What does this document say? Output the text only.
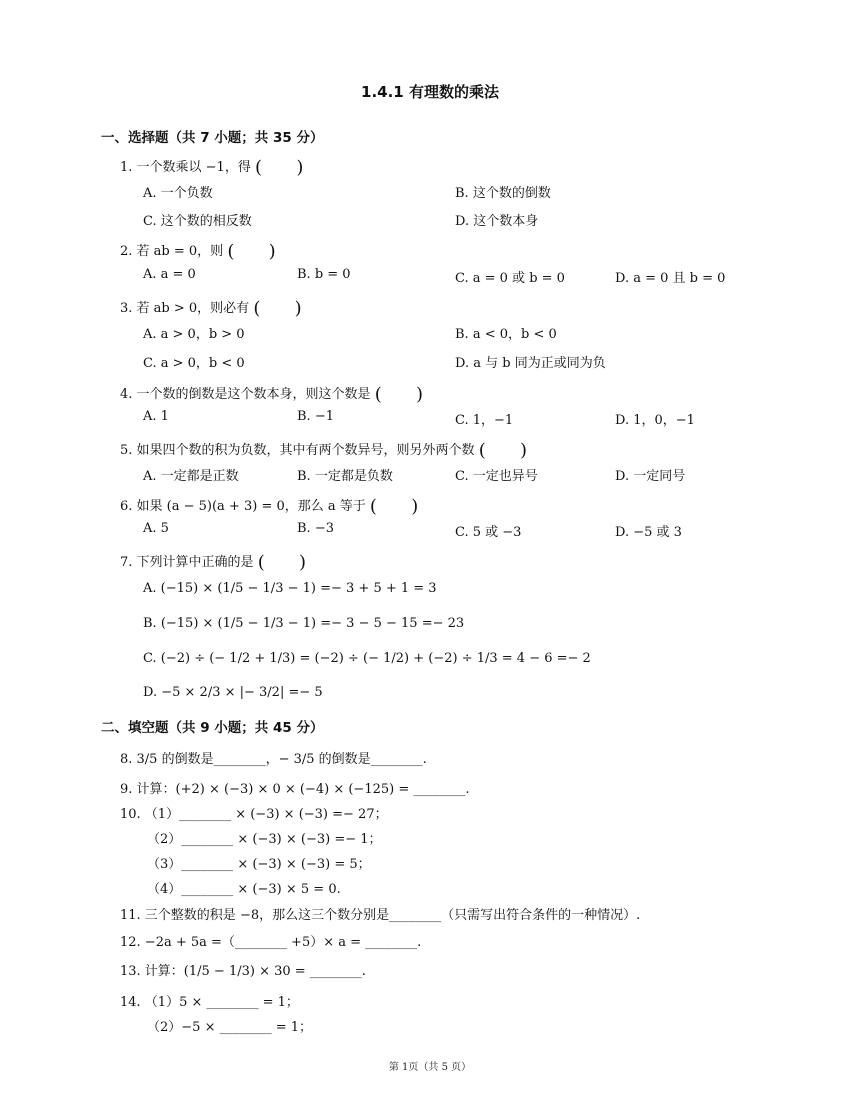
1.4.1 有理数的乘法
一、选择题（共 7 小题；共 35 分）
1. 一个数乘以 −1，得 (      )
A. 一个负数	B. 这个数的倒数
C. 这个数的相反数	D. 这个数本身
2. 若 ab = 0，则 (      )
A. a = 0	B. b = 0	C. a = 0 或 b = 0	D. a = 0 且 b = 0
3. 若 ab > 0，则必有 (      )
A. a > 0，b > 0	B. a < 0，b < 0
C. a > 0，b < 0	D. a 与 b 同为正或同为负
4. 一个数的倒数是这个数本身，则这个数是 (      )
A. 1	B. −1	C. 1，−1	D. 1，0，−1
5. 如果四个数的积为负数，其中有两个数异号，则另外两个数 (      )
A. 一定都是正数	B. 一定都是负数	C. 一定也异号	D. 一定同号
6. 如果 (a − 5)(a + 3) = 0，那么 a 等于 (      )
A. 5	B. −3	C. 5 或 −3	D. −5 或 3
7. 下列计算中正确的是 (      )
A. (−15) × (1/5 − 1/3 − 1) =− 3 + 5 + 1 = 3
B. (−15) × (1/5 − 1/3 − 1) =− 3 − 5 − 15 =− 23
C. (−2) ÷ (− 1/2 + 1/3) = (−2) ÷ (− 1/2) + (−2) ÷ 1/3 = 4 − 6 =− 2
D. −5 × 2/3 × |− 3/2| =− 5
二、填空题（共 9 小题；共 45 分）
8. 3/5 的倒数是________，− 3/5 的倒数是________.
9. 计算：(+2) × (−3) × 0 × (−4) × (−125) = ________.
10. （1）________ × (−3) × (−3) =− 27；
（2）________ × (−3) × (−3) =− 1；
（3）________ × (−3) × (−3) = 5；
（4）________ × (−3) × 5 = 0.
11. 三个整数的积是 −8，那么这三个数分别是________（只需写出符合条件的一种情况）.
12. −2a + 5a =（________ +5）× a = ________.
13. 计算：(1/5 − 1/3) × 30 = ________.
14. （1）5 × ________ = 1；
（2）−5 × ________ = 1；
第 1页（共 5 页）
